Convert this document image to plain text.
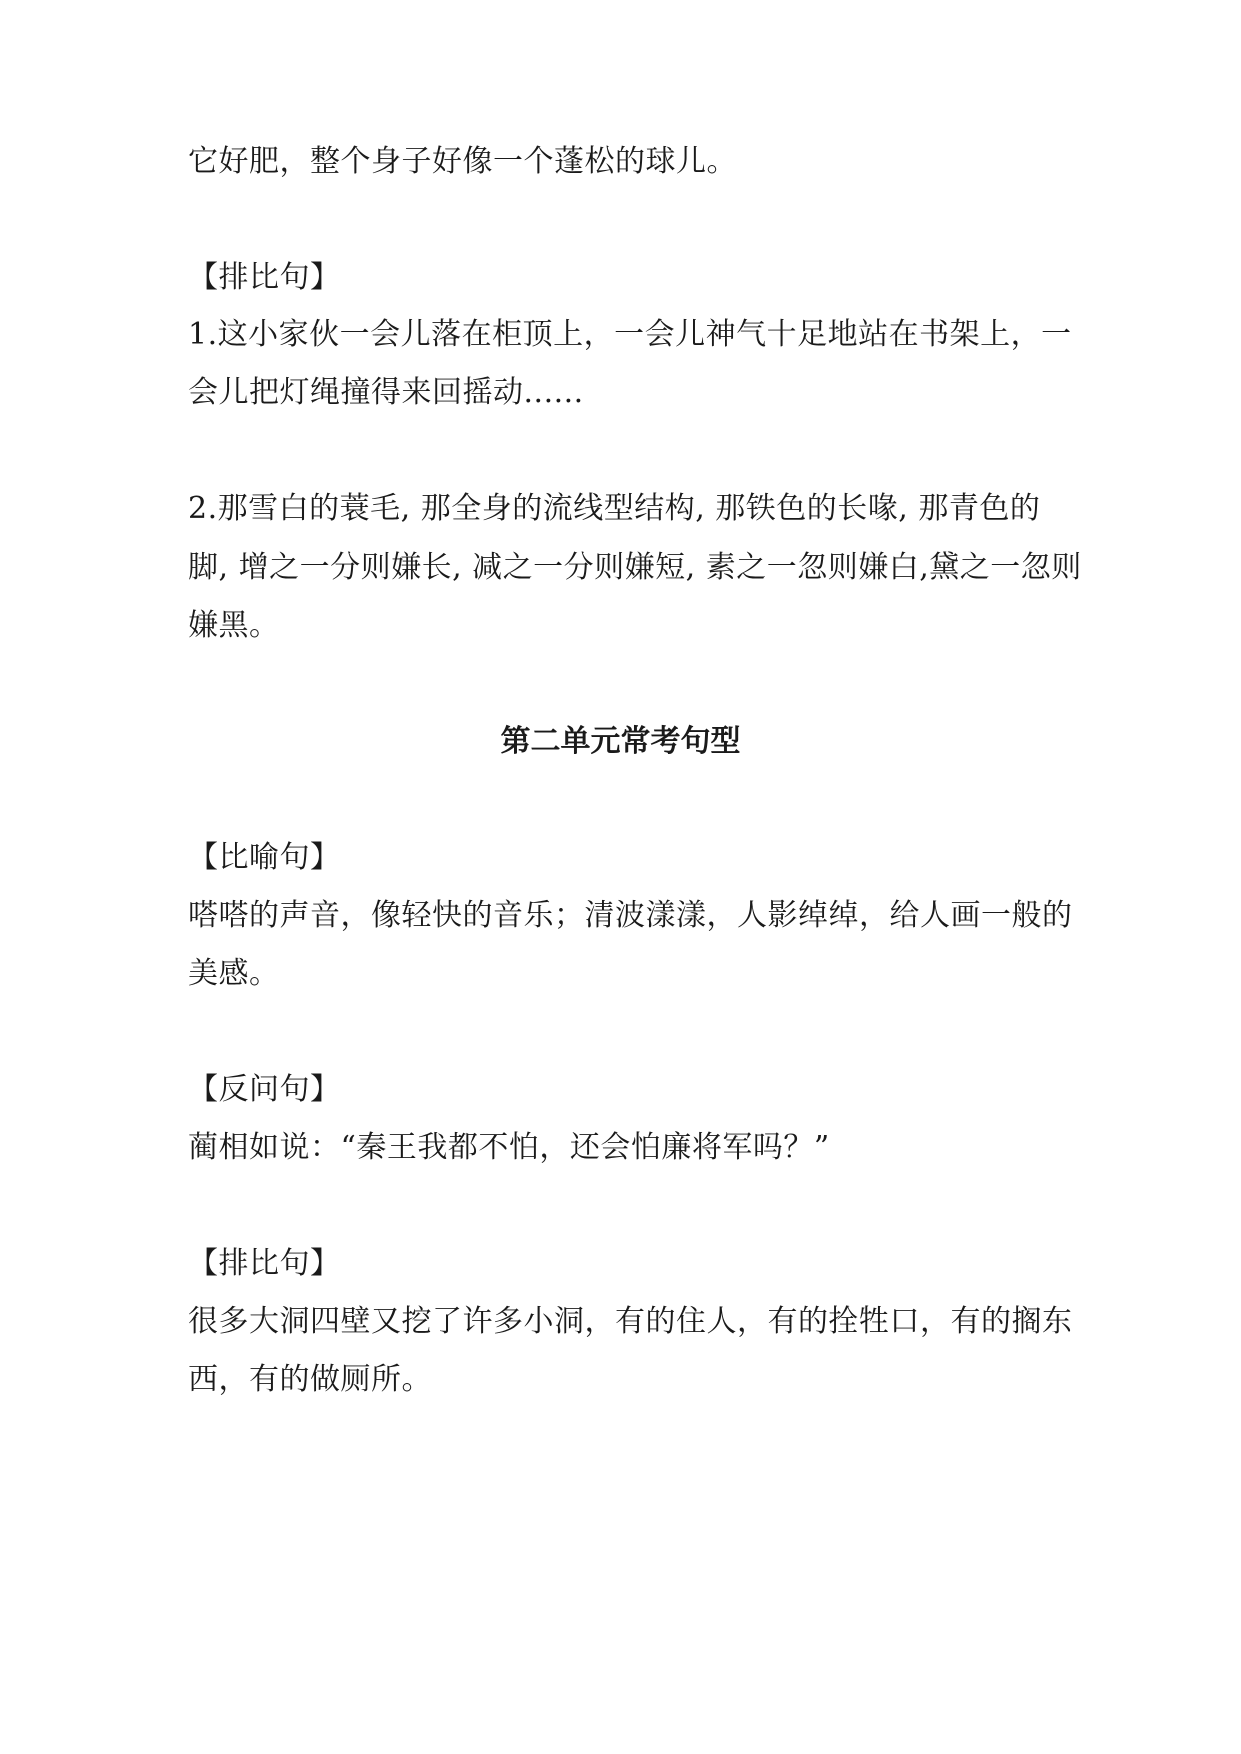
它好肥，整个身子好像一个蓬松的球儿。
【排比句】
1.这小家伙一会儿落在柜顶上，一会儿神气十足地站在书架上，一
会儿把灯绳撞得来回摇动......
2.那雪白的蓑毛, 那全身的流线型结构, 那铁色的长喙, 那青色的
脚, 增之一分则嫌长, 减之一分则嫌短, 素之一忽则嫌白,黛之一忽则
嫌黑。
第二单元常考句型
【比喻句】
嗒嗒的声音，像轻快的音乐；清波漾漾，人影绰绰，给人画一般的
美感。
【反问句】
蔺相如说：“秦王我都不怕，还会怕廉将军吗？”
【排比句】
很多大洞四壁又挖了许多小洞，有的住人，有的拴牲口，有的搁东
西，有的做厕所。
